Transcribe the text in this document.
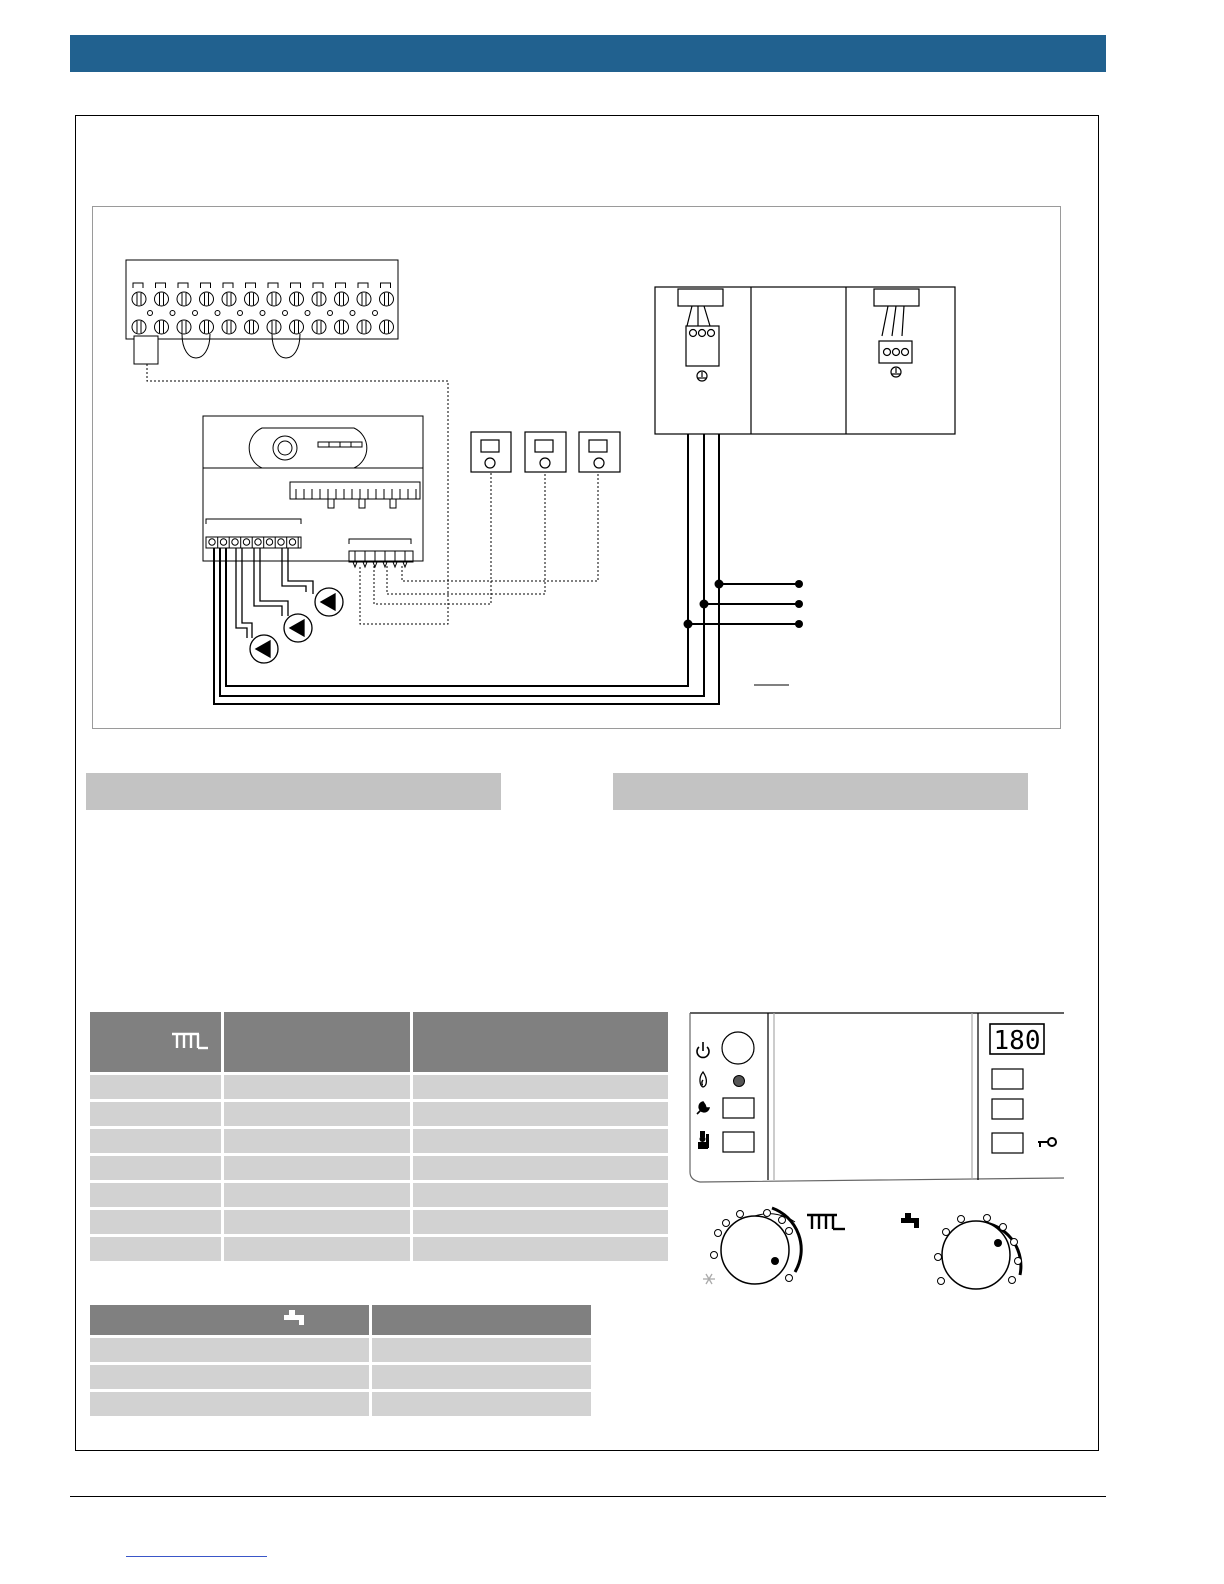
180
